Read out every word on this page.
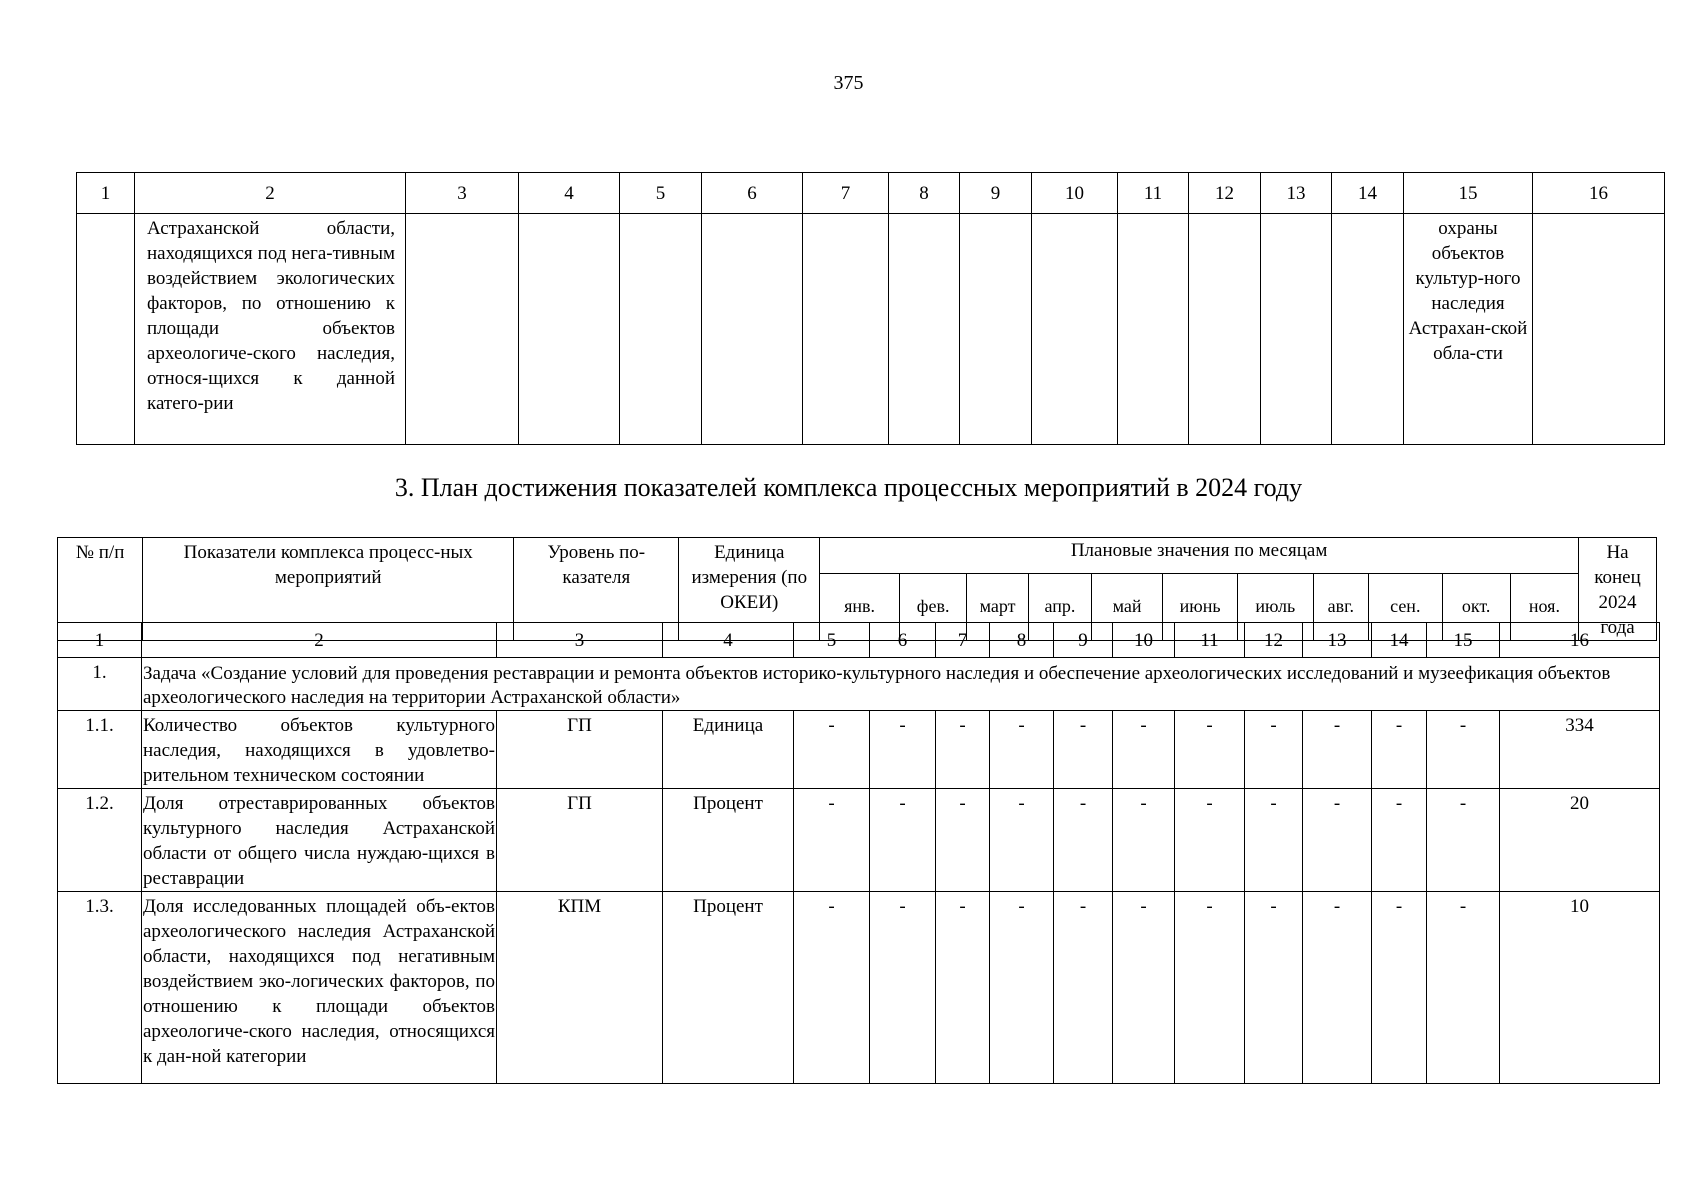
375
1	2	3	4	5	6	7	8	9	10	11	12	13	14	15	16
	Астраханской области, находящихся под нега-тивным воздействием экологических факторов, по отношению к площади объектов археологиче-ского наследия, относя-щихся к данной катего-рии													охраны объектов культур-ного наследия Астрахан-ской обла-сти	
3. План достижения показателей комплекса процессных мероприятий в 2024 году
№ п/п	Показатели комплекса процесс-ных мероприятий	Уровень по-казателя	Единица измерения (по ОКЕИ)	Плановые значения по месяцам											На конец 2024 года
				янв.	фев.	март	апр.	май	июнь	июль	авг.	сен.	окт.	ноя.	
1	2	3	4	5	6	7	8	9	10	11	12	13	14	15	16
1.	Задача «Создание условий для проведения реставрации и ремонта объектов историко-культурного наследия и обеспечение археологических исследований и музеефикация объектов археологического наследия на территории Астраханской области»														
1.1.	Количество объектов культурного наследия, находящихся в удовлетво-рительном техническом состоянии	ГП	Единица	-	-	-	-	-	-	-	-	-	-	-	334
1.2.	Доля отреставрированных объектов культурного наследия Астраханской области от общего числа нуждаю-щихся в реставрации	ГП	Процент	-	-	-	-	-	-	-	-	-	-	-	20
1.3.	Доля исследованных площадей объ-ектов археологического наследия Астраханской области, находящихся под негативным воздействием эко-логических факторов, по отношению к площади объектов археологиче-ского наследия, относящихся к дан-ной категории	КПМ	Процент	-	-	-	-	-	-	-	-	-	-	-	10
